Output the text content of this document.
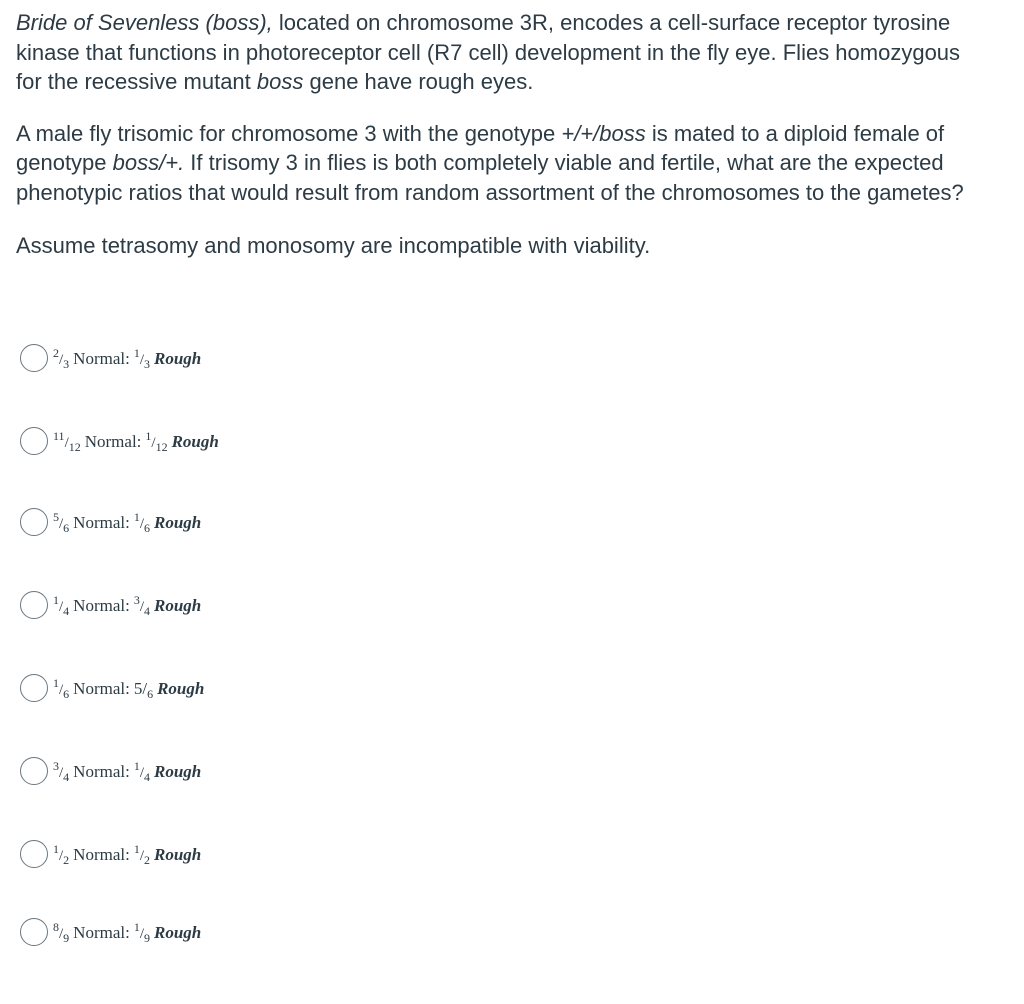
Bride of Sevenless (boss), located on chromosome 3R, encodes a cell-surface receptor tyrosine kinase that functions in photoreceptor cell (R7 cell) development in the fly eye. Flies homozygous for the recessive mutant boss gene have rough eyes.

A male fly trisomic for chromosome 3 with the genotype +/+/boss is mated to a diploid female of genotype boss/+. If trisomy 3 in flies is both completely viable and fertile, what are the expected phenotypic ratios that would result from random assortment of the chromosomes to the gametes?

Assume tetrasomy and monosomy are incompatible with viability.

$^2/_3$ Normal: $^1/_3$ Rough
$^{11}/_{12}$ Normal: $^1/_{12}$ Rough
$^5/_6$ Normal: $^1/_6$ Rough
$^1/_4$ Normal: $^3/_4$ Rough
$^1/_6$ Normal: $5/_6$ Rough
$^3/_4$ Normal: $^1/_4$ Rough
$^1/_2$ Normal: $^1/_2$ Rough
$^8/_9$ Normal: $^1/_9$ Rough
